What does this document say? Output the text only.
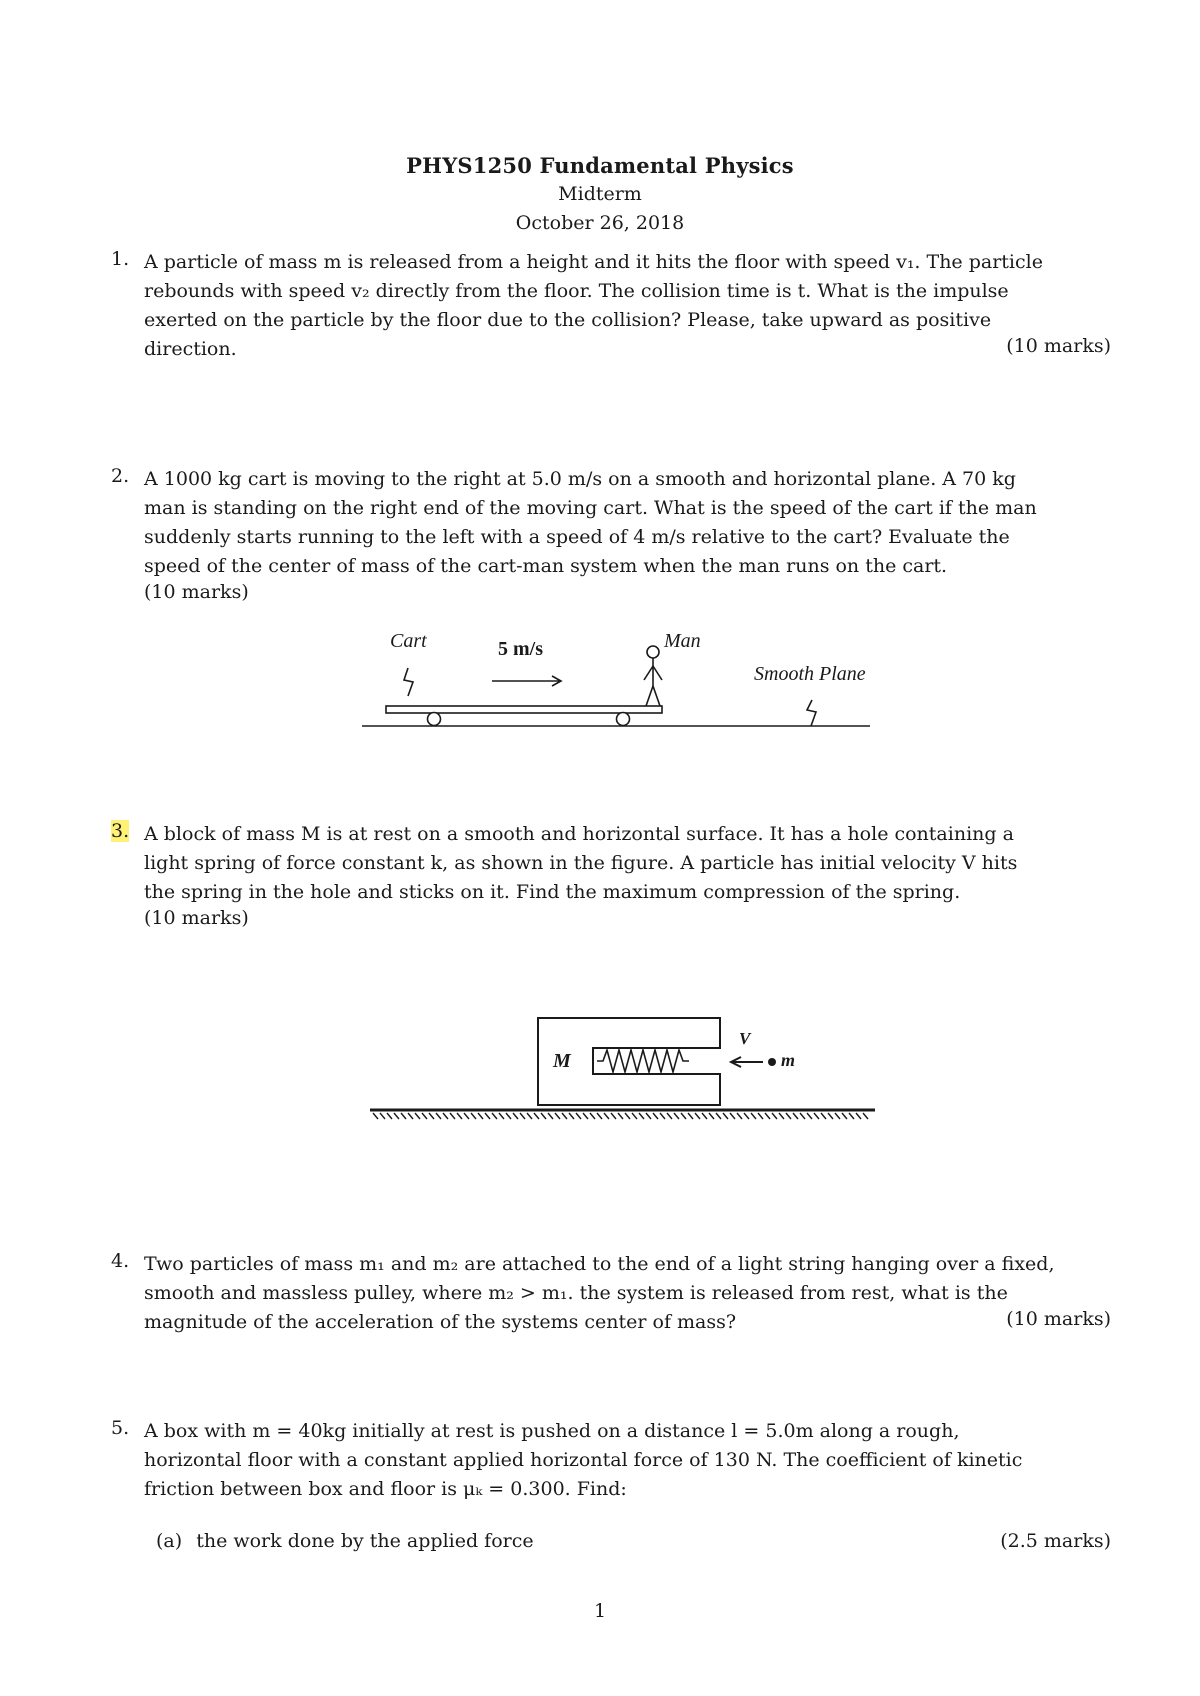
PHYS1250 Fundamental Physics
Midterm
October 26, 2018
1. A particle of mass m is released from a height and it hits the floor with speed v₁. The particle
rebounds with speed v₂ directly from the floor. The collision time is t. What is the impulse
exerted on the particle by the floor due to the collision? Please, take upward as positive
direction.	(10 marks)
2. A 1000 kg cart is moving to the right at 5.0 m/s on a smooth and horizontal plane. A 70 kg
man is standing on the right end of the moving cart. What is the speed of the cart if the man
suddenly starts running to the left with a speed of 4 m/s relative to the cart? Evaluate the
speed of the center of mass of the cart-man system when the man runs on the cart.
(10 marks)
Cart	5 m/s	Man
Smooth Plane
3. A block of mass M is at rest on a smooth and horizontal surface. It has a hole containing a
light spring of force constant k, as shown in the figure. A particle has initial velocity V hits
the spring in the hole and sticks on it. Find the maximum compression of the spring.
(10 marks)
M
V
m
4. Two particles of mass m₁ and m₂ are attached to the end of a light string hanging over a fixed,
smooth and massless pulley, where m₂ > m₁. the system is released from rest, what is the
magnitude of the acceleration of the systems center of mass?	(10 marks)
5. A box with m = 40kg initially at rest is pushed on a distance l = 5.0m along a rough,
horizontal floor with a constant applied horizontal force of 130 N. The coefficient of kinetic
friction between box and floor is μₖ = 0.300. Find:
(a) the work done by the applied force	(2.5 marks)
1
